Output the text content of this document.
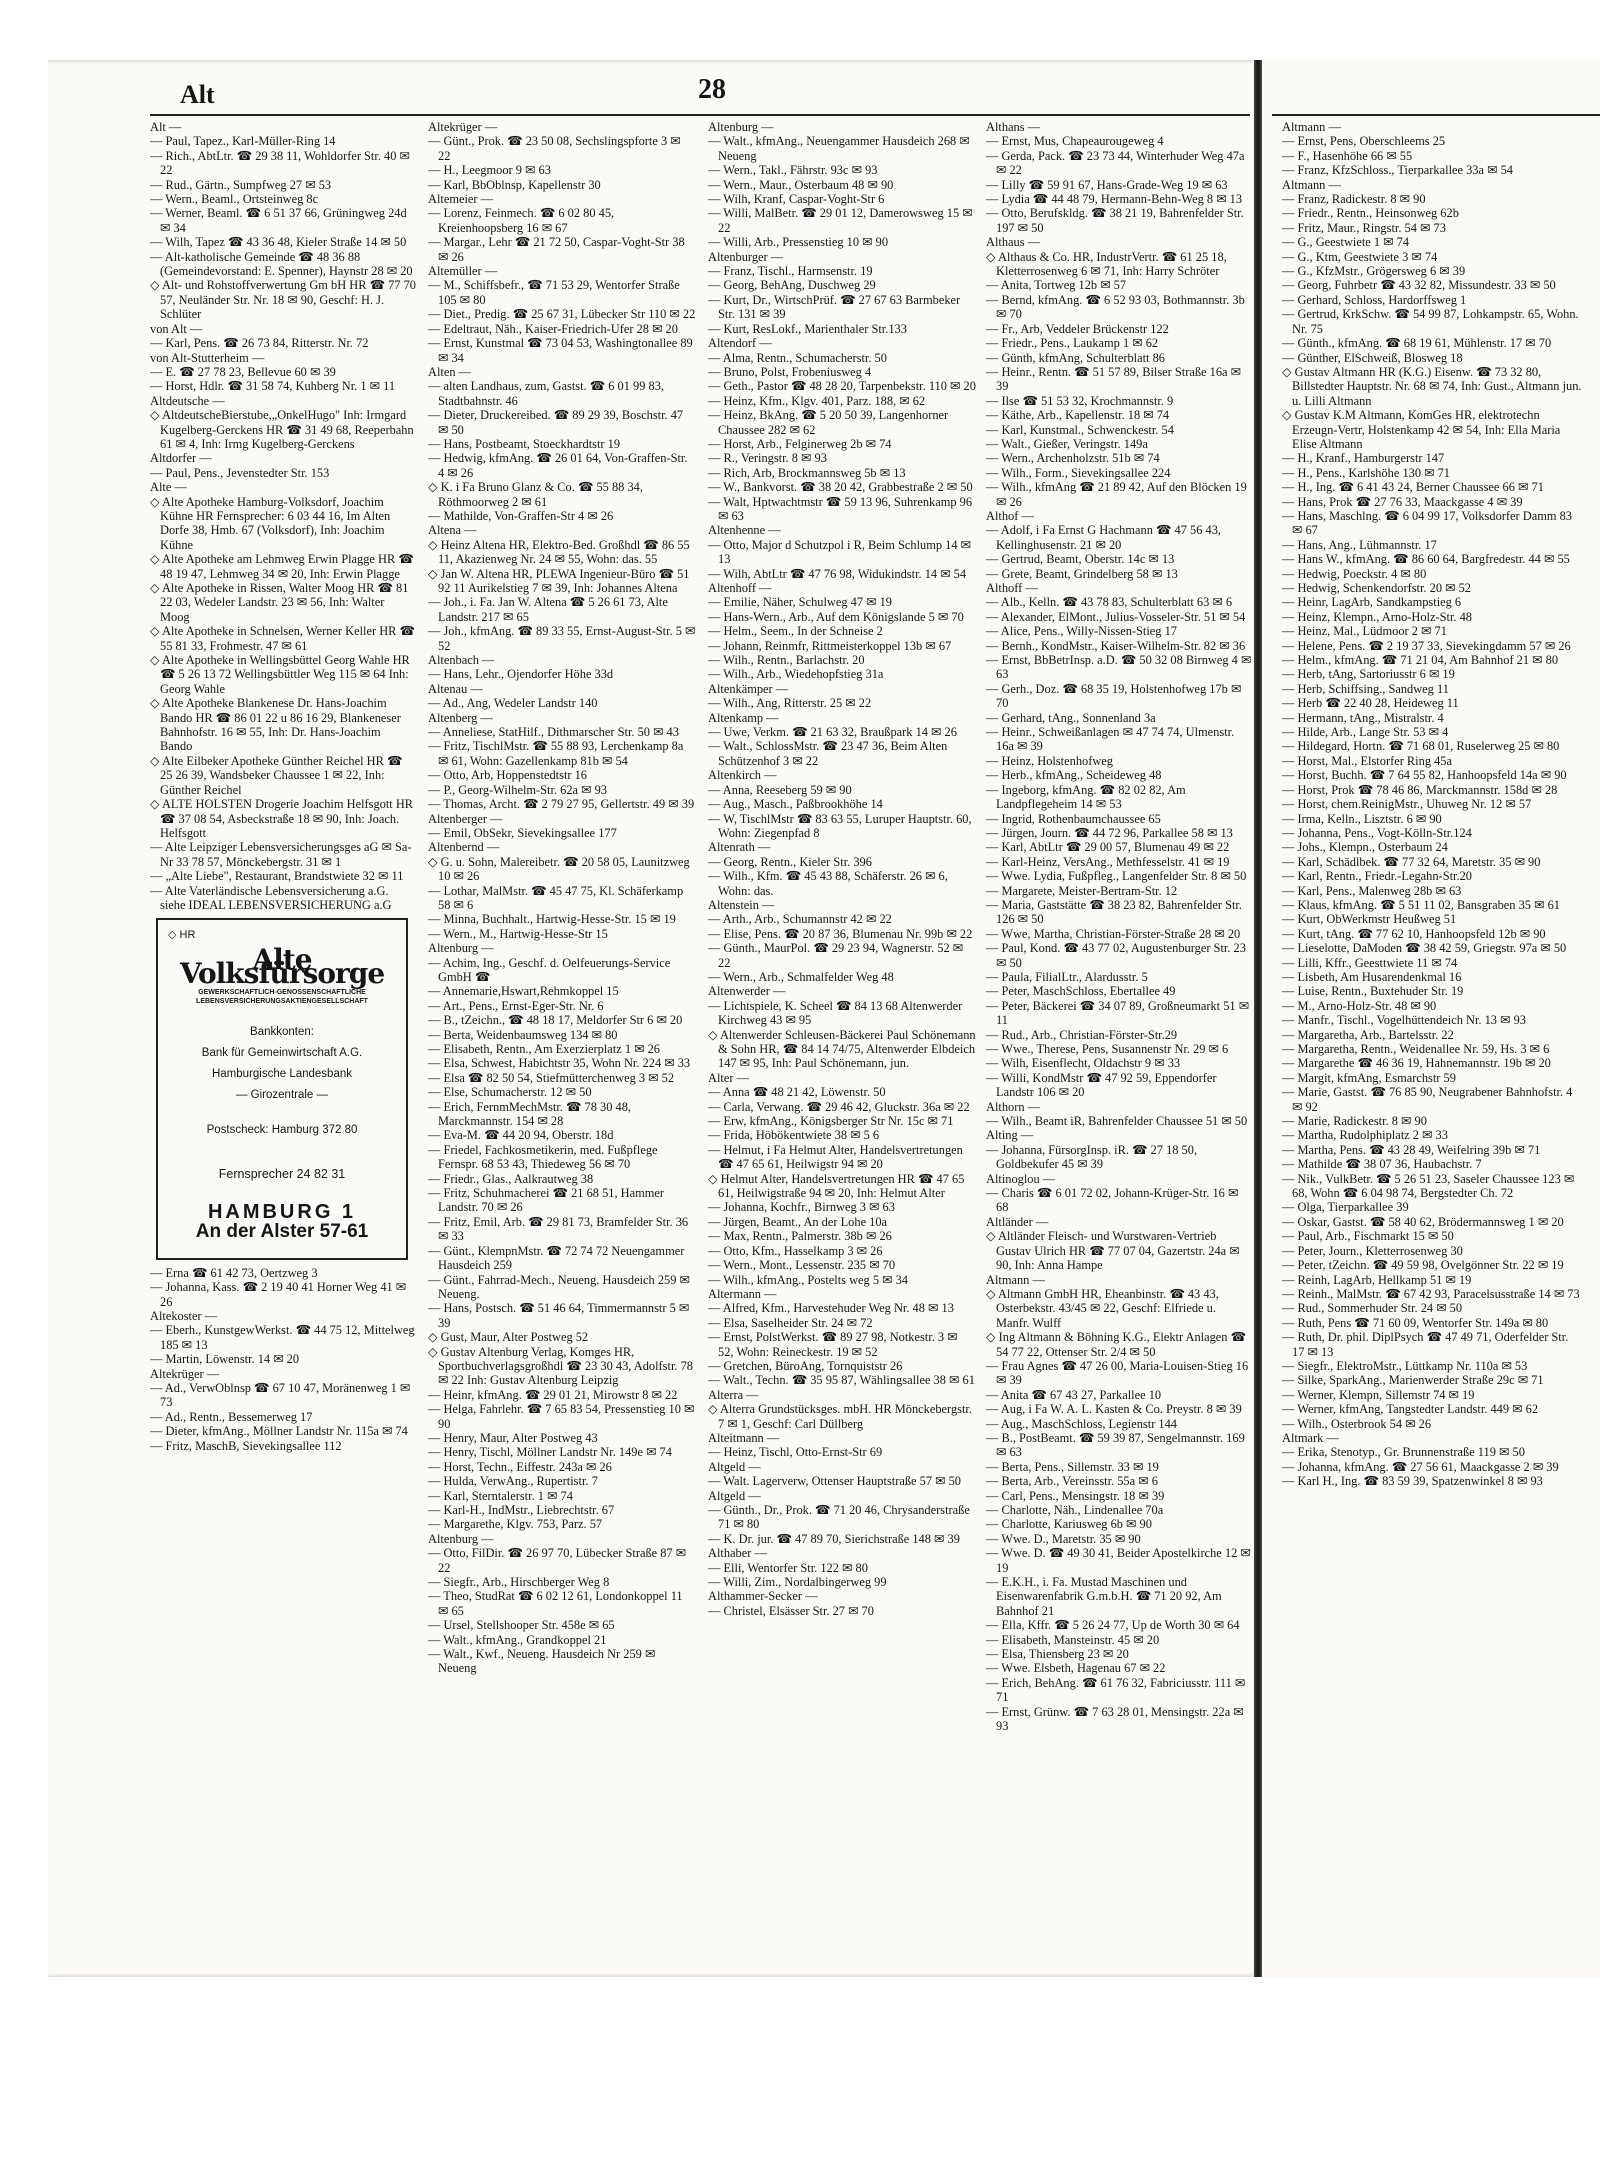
Alt	28

Alt —

— Paul, Tapez., Karl-Müller-Ring 14

— Rich., AbtLtr. ☎ 29 38 11, Wohldorfer Str. 40 ✉ 22

— Rud., Gärtn., Sumpfweg 27 ✉ 53

— Wern., Beaml., Ortsteinweg 8c

— Werner, Beaml. ☎ 6 51 37 66, Grüningweg 24d ✉ 34

— Wilh, Tapez ☎ 43 36 48, Kieler Straße 14 ✉ 50

— Alt-katholische Gemeinde ☎ 48 36 88 (Gemeindevorstand: E. Spenner), Haynstr 28 ✉ 20

◇ Alt- und Rohstoffverwertung Gm bH HR ☎ 77 70 57, Neuländer Str. Nr. 18 ✉ 90, Geschf: H. J. Schlüter

von Alt —

— Karl, Pens. ☎ 26 73 84, Ritterstr. Nr. 72

von Alt-Stutterheim —

— E. ☎ 27 78 23, Bellevue 60 ✉ 39

— Horst, Hdlr. ☎ 31 58 74, Kuhberg Nr. 1 ✉ 11

Altdeutsche —

◇ AltdeutscheBierstube,„OnkelHugo" Inh: Irmgard Kugelberg-Gerckens HR ☎ 31 49 68, Reeperbahn 61 ✉ 4, Inh: Irmg Kugelberg-Gerckens

Altdorfer —

— Paul, Pens., Jevenstedter Str. 153

Alte —

◇ Alte Apotheke Hamburg-Volksdorf, Joachim Kühne HR Fernsprecher: 6 03 44 16, Im Alten Dorfe 38, Hmb. 67 (Volksdorf), Inh: Joachim Kühne

◇ Alte Apotheke am Lehmweg Erwin Plagge HR ☎ 48 19 47, Lehmweg 34 ✉ 20, Inh: Erwin Plagge

◇ Alte Apotheke in Rissen, Walter Moog HR ☎ 81 22 03, Wedeler Landstr. 23 ✉ 56, Inh: Walter Moog

◇ Alte Apotheke in Schnelsen, Werner Keller HR ☎ 55 81 33, Frohmestr. 47 ✉ 61

◇ Alte Apotheke in Wellingsbüttel Georg Wahle HR ☎ 5 26 13 72 Wellingsbüttler Weg 115 ✉ 64 Inh: Georg Wahle

◇ Alte Apotheke Blankenese Dr. Hans-Joachim Bando HR ☎ 86 01 22 u 86 16 29, Blankeneser Bahnhofstr. 16 ✉ 55, Inh: Dr. Hans-Joachim Bando

◇ Alte Eilbeker Apotheke Günther Reichel HR ☎ 25 26 39, Wandsbeker Chaussee 1 ✉ 22, Inh: Günther Reichel

◇ ALTE HOLSTEN Drogerie Joachim Helfsgott HR ☎ 37 08 54, Asbeckstraße 18 ✉ 90, Inh: Joach. Helfsgott

— Alte Leipziger Lebensversicherungsges aG ✉ Sa-Nr 33 78 57, Mönckebergstr. 31 ✉ 1

— „Alte Liebe", Restaurant, Brandstwiete 32 ✉ 11

— Alte Vaterländische Lebensversicherung a.G. siehe IDEAL LEBENSVERSICHERUNG a.G

◇ HR
Alte Volksfürsorge
GEWERKSCHAFTLICH-GENOSSENSCHAFTLICHE LEBENSVERSICHERUNGSAKTIENGESELLSCHAFT
Bankkonten:
Bank für Gemeinwirtschaft A.G.
Hamburgische Landesbank
— Girozentrale —
Postscheck: Hamburg 372 80
Fernsprecher 24 82 31
HAMBURG 1
An der Alster 57-61

— Erna ☎ 61 42 73, Oertzweg 3

— Johanna, Kass. ☎ 2 19 40 41 Horner Weg 41 ✉ 26

Altekoster —

— Eberh., KunstgewWerkst. ☎ 44 75 12, Mittelweg 185 ✉ 13

— Martin, Löwenstr. 14 ✉ 20

Altekrüger —

— Ad., VerwOblnsp ☎ 67 10 47, Moränenweg 1 ✉ 73

— Ad., Rentn., Bessemerweg 17

— Dieter, kfmAng., Möllner Landstr Nr. 115a ✉ 74

— Fritz, MaschB, Sievekingsallee 112

Altekrüger —

— Günt., Prok. ☎ 23 50 08, Sechslingspforte 3 ✉ 22

— H., Leegmoor 9 ✉ 63

— Karl, BbOblnsp, Kapellenstr 30

Altemeier —

— Lorenz, Feinmech. ☎ 6 02 80 45, Kreienhoopsberg 16 ✉ 67

— Margar., Lehr ☎ 21 72 50, Caspar-Voght-Str 38 ✉ 26

Altemüller —

— M., Schiffsbefr., ☎ 71 53 29, Wentorfer Straße 105 ✉ 80

— Diet., Predig. ☎ 25 67 31, Lübecker Str 110 ✉ 22

— Edeltraut, Näh., Kaiser-Friedrich-Ufer 28 ✉ 20

— Ernst, Kunstmal ☎ 73 04 53, Washingtonallee 89 ✉ 34

Alten —

— alten Landhaus, zum, Gastst. ☎ 6 01 99 83, Stadtbahnstr. 46

— Dieter, Druckereibed. ☎ 89 29 39, Boschstr. 47 ✉ 50

— Hans, Postbeamt, Stoeckhardtstr 19

— Hedwig, kfmAng. ☎ 26 01 64, Von-Graffen-Str. 4 ✉ 26

◇ K. i Fa Bruno Glanz & Co. ☎ 55 88 34, Röthmoorweg 2 ✉ 61

— Mathilde, Von-Graffen-Str 4 ✉ 26

Altena —

◇ Heinz Altena HR, Elektro-Bed. Großhdl ☎ 86 55 11, Akazienweg Nr. 24 ✉ 55, Wohn: das. 55

◇ Jan W. Altena HR, PLEWA Ingenieur-Büro ☎ 51 92 11 Aurikelstieg 7 ✉ 39, Inh: Johannes Altena

— Joh., i. Fa. Jan W. Altena ☎ 5 26 61 73, Alte Landstr. 217 ✉ 65

— Joh., kfmAng. ☎ 89 33 55, Ernst-August-Str. 5 ✉ 52

Altenbach —

— Hans, Lehr., Ojendorfer Höhe 33d

Altenau —

— Ad., Ang, Wedeler Landstr 140

Altenberg —

— Anneliese, StatHilf., Dithmarscher Str. 50 ✉ 43

— Fritz, TischlMstr. ☎ 55 88 93, Lerchenkamp 8a ✉ 61, Wohn: Gazellenkamp 81b ✉ 54

— Otto, Arb, Hoppenstedtstr 16

— P., Georg-Wilhelm-Str. 62a ✉ 93

— Thomas, Archt. ☎ 2 79 27 95, Gellertstr. 49 ✉ 39

Altenberger —

— Emil, ObSekr, Sievekingsallee 177

Altenbernd —

◇ G. u. Sohn, Malereibetr. ☎ 20 58 05, Launitzweg 10 ✉ 26

— Lothar, MalMstr. ☎ 45 47 75, Kl. Schäferkamp 58 ✉ 6

— Minna, Buchhalt., Hartwig-Hesse-Str. 15 ✉ 19

— Wern., M., Hartwig-Hesse-Str 15

Altenburg —

— Achim, Ing., Geschf. d. Oelfeuerungs-Service GmbH ☎

— Annemarie,Hswart,Rehmkoppel 15

— Art., Pens., Ernst-Eger-Str. Nr. 6

— B., tZeichn., ☎ 48 18 17, Meldorfer Str 6 ✉ 20

— Berta, Weidenbaumsweg 134 ✉ 80

— Elisabeth, Rentn., Am Exerzierplatz 1 ✉ 26

— Elsa, Schwest, Habichtstr 35, Wohn Nr. 224 ✉ 33

— Elsa ☎ 82 50 54, Stiefmütterchenweg 3 ✉ 52

— Else, Schumacherstr. 12 ✉ 50

— Erich, FernmMechMstr. ☎ 78 30 48, Marckmannstr. 154 ✉ 28

— Eva-M. ☎ 44 20 94, Oberstr. 18d

— Friedel, Fachkosmetikerin, med. Fußpflege Fernspr. 68 53 43, Thiedeweg 56 ✉ 70

— Friedr., Glas., Aalkrautweg 38

— Fritz, Schuhmacherei ☎ 21 68 51, Hammer Landstr. 70 ✉ 26

— Fritz, Emil, Arb. ☎ 29 81 73, Bramfelder Str. 36 ✉ 33

— Günt., KlempnMstr. ☎ 72 74 72 Neuengammer Hausdeich 259

— Günt., Fahrrad-Mech., Neueng. Hausdeich 259 ✉ Neueng.

— Hans, Postsch. ☎ 51 46 64, Timmermannstr 5 ✉ 39

◇ Gust, Maur, Alter Postweg 52

◇ Gustav Altenburg Verlag, Komges HR, Sportbuchverlagsgroßhdl ☎ 23 30 43, Adolfstr. 78 ✉ 22 Inh: Gustav Altenburg Leipzig

— Heinr, kfmAng. ☎ 29 01 21, Mirowstr 8 ✉ 22

— Helga, Fahrlehr. ☎ 7 65 83 54, Pressenstieg 10 ✉ 90

— Henry, Maur, Alter Postweg 43

— Henry, Tischl, Möllner Landstr Nr. 149e ✉ 74

— Horst, Techn., Eiffestr. 243a ✉ 26

— Hulda, VerwAng., Rupertistr. 7

— Karl, Sterntalerstr. 1 ✉ 74

— Karl-H., IndMstr., Liebrechtstr. 67

— Margarethe, Klgv. 753, Parz. 57

Altenburg —

— Otto, FilDir. ☎ 26 97 70, Lübecker Straße 87 ✉ 22

— Siegfr., Arb., Hirschberger Weg 8

— Theo, StudRat ☎ 6 02 12 61, Londonkoppel 11 ✉ 65

— Ursel, Stellshooper Str. 458e ✉ 65

— Walt., kfmAng., Grandkoppel 21

— Walt., Kwf., Neueng. Hausdeich Nr 259 ✉ Neueng

Altenburg —

— Walt., kfmAng., Neuengammer Hausdeich 268 ✉ Neueng

— Wern., Takl., Fährstr. 93c ✉ 93

— Wern., Maur., Osterbaum 48 ✉ 90

— Wilh, Kranf, Caspar-Voght-Str 6

— Willi, MalBetr. ☎ 29 01 12, Damerowsweg 15 ✉ 22

— Willi, Arb., Pressenstieg 10 ✉ 90

Altenburger —

— Franz, Tischl., Harmsenstr. 19

— Georg, BehAng, Duschweg 29

— Kurt, Dr., WirtschPrüf. ☎ 27 67 63 Barmbeker Str. 131 ✉ 39

— Kurt, ResLokf., Marienthaler Str.133

Altendorf —

— Alma, Rentn., Schumacherstr. 50

— Bruno, Polst, Frobeniusweg 4

— Geth., Pastor ☎ 48 28 20, Tarpenbekstr. 110 ✉ 20

— Heinz, Kfm., Klgv. 401, Parz. 188, ✉ 62

— Heinz, BkAng. ☎ 5 20 50 39, Langenhorner Chaussee 282 ✉ 62

— Horst, Arb., Felginerweg 2b ✉ 74

— R., Veringstr. 8 ✉ 93

— Rich, Arb, Brockmannsweg 5b ✉ 13

— W., Bankvorst. ☎ 38 20 42, Grabbestraße 2 ✉ 50

— Walt, Hptwachtmstr ☎ 59 13 96, Suhrenkamp 96 ✉ 63

Altenhenne —

— Otto, Major d Schutzpol i R, Beim Schlump 14 ✉ 13

— Wilh, AbtLtr ☎ 47 76 98, Widukindstr. 14 ✉ 54

Altenhoff —

— Emilie, Näher, Schulweg 47 ✉ 19

— Hans-Wern., Arb., Auf dem Königslande 5 ✉ 70

— Helm., Seem., In der Schneise 2

— Johann, Reinmfr, Rittmeisterkoppel 13b ✉ 67

— Wilh., Rentn., Barlachstr. 20

— Wilh., Arb., Wiedehopfstieg 31a

Altenkämper —

— Wilh., Ang, Ritterstr. 25 ✉ 22

Altenkamp —

— Uwe, Verkm. ☎ 21 63 32, Braußpark 14 ✉ 26

— Walt., SchlossMstr. ☎ 23 47 36, Beim Alten Schützenhof 3 ✉ 22

Altenkirch —

— Anna, Reeseberg 59 ✉ 90

— Aug., Masch., Paßbrookhöhe 14

— W, TischlMstr ☎ 83 63 55, Luruper Hauptstr. 60, Wohn: Ziegenpfad 8

Altenrath —

— Georg, Rentn., Kieler Str. 396

— Wilh., Kfm. ☎ 45 43 88, Schäferstr. 26 ✉ 6, Wohn: das.

Altenstein —

— Arth., Arb., Schumannstr 42 ✉ 22

— Elise, Pens. ☎ 20 87 36, Blumenau Nr. 99b ✉ 22

— Günth., MaurPol. ☎ 29 23 94, Wagnerstr. 52 ✉ 22

— Wern., Arb., Schmalfelder Weg 48

Altenwerder —

— Lichtspiele, K. Scheel ☎ 84 13 68 Altenwerder Kirchweg 43 ✉ 95

◇ Altenwerder Schleusen-Bäckerei Paul Schönemann & Sohn HR, ☎ 84 14 74/75, Altenwerder Elbdeich 147 ✉ 95, Inh: Paul Schönemann, jun.

Alter —

— Anna ☎ 48 21 42, Löwenstr. 50

— Carla, Verwang. ☎ 29 46 42, Gluckstr. 36a ✉ 22

— Erw, kfmAng., Königsberger Str Nr. 15c ✉ 71

— Frida, Höbökentwiete 38 ✉ 5 6

— Helmut, i Fa Helmut Alter, Handelsvertretungen ☎ 47 65 61, Heilwigstr 94 ✉ 20

◇ Helmut Alter, Handelsvertretungen HR ☎ 47 65 61, Heilwigstraße 94 ✉ 20, Inh: Helmut Alter

— Johanna, Kochfr., Birnweg 3 ✉ 63

— Jürgen, Beamt., An der Lohe 10a

— Max, Rentn., Palmerstr. 38b ✉ 26

— Otto, Kfm., Hasselkamp 3 ✉ 26

— Wern., Mont., Lessenstr. 235 ✉ 70

— Wilh., kfmAng., Postelts weg 5 ✉ 34

Altermann —

— Alfred, Kfm., Harvestehuder Weg Nr. 48 ✉ 13

— Elsa, Saselheider Str. 24 ✉ 72

— Ernst, PolstWerkst. ☎ 89 27 98, Notkestr. 3 ✉ 52, Wohn: Reineckestr. 19 ✉ 52

— Gretchen, BüroAng, Tornquiststr 26

— Walt., Techn. ☎ 35 95 87, Wählingsallee 38 ✉ 61

Alterra —

◇ Alterra Grundstücksges. mbH. HR Mönckebergstr. 7 ✉ 1, Geschf: Carl Düllberg

Alteitmann —

— Heinz, Tischl, Otto-Ernst-Str 69

Altgeld —

— Walt. Lagerverw, Ottenser Hauptstraße 57 ✉ 50

Altgeld —

— Günth., Dr., Prok. ☎ 71 20 46, Chrysanderstraße 71 ✉ 80

— K. Dr. jur. ☎ 47 89 70, Sierichstraße 148 ✉ 39

Althaber —

— Elli, Wentorfer Str. 122 ✉ 80

— Willi, Zim., Nordalbingerweg 99

Althammer-Secker —

— Christel, Elsässer Str. 27 ✉ 70

Althans —

— Ernst, Mus, Chapeaurougeweg 4

— Gerda, Pack. ☎ 23 73 44, Winterhuder Weg 47a ✉ 22

— Lilly ☎ 59 91 67, Hans-Grade-Weg 19 ✉ 63

— Lydia ☎ 44 48 79, Hermann-Behn-Weg 8 ✉ 13

— Otto, Berufskldg. ☎ 38 21 19, Bahrenfelder Str. 197 ✉ 50

Althaus —

◇ Althaus & Co. HR, IndustrVertr. ☎ 61 25 18, Kletterrosenweg 6 ✉ 71, Inh: Harry Schröter

— Anita, Tortweg 12b ✉ 57

— Bernd, kfmAng. ☎ 6 52 93 03, Bothmannstr. 3b ✉ 70

— Fr., Arb, Veddeler Brückenstr 122

— Friedr., Pens., Laukamp 1 ✉ 62

— Günth, kfmAng, Schulterblatt 86

— Heinr., Rentn. ☎ 51 57 89, Bilser Straße 16a ✉ 39

— Ilse ☎ 51 53 32, Krochmannstr. 9

— Käthe, Arb., Kapellenstr. 18 ✉ 74

— Karl, Kunstmal., Schwenckestr. 54

— Walt., Gießer, Veringstr. 149a

— Wern., Archenholzstr. 51b ✉ 74

— Wilh., Form., Sievekingsallee 224

— Wilh., kfmAng ☎ 21 89 42, Auf den Blöcken 19 ✉ 26

Althof —

— Adolf, i Fa Ernst G Hachmann ☎ 47 56 43, Kellinghusenstr. 21 ✉ 20

— Gertrud, Beamt, Oberstr. 14c ✉ 13

— Grete, Beamt, Grindelberg 58 ✉ 13

Althoff —

— Alb., Kelln. ☎ 43 78 83, Schulterblatt 63 ✉ 6

— Alexander, ElMont., Julius-Vosseler-Str. 51 ✉ 54

— Alice, Pens., Willy-Nissen-Stieg 17

— Bernh., KondMstr., Kaiser-Wilhelm-Str. 82 ✉ 36

— Ernst, BbBetrInsp. a.D. ☎ 50 32 08 Birnweg 4 ✉ 63

— Gerh., Doz. ☎ 68 35 19, Holstenhofweg 17b ✉ 70

— Gerhard, tAng., Sonnenland 3a

— Heinr., Schweißanlagen ✉ 47 74 74, Ulmenstr. 16a ✉ 39

— Heinz, Holstenhofweg

— Herb., kfmAng., Scheideweg 48

— Ingeborg, kfmAng. ☎ 82 02 82, Am Landpflegeheim 14 ✉ 53

— Ingrid, Rothenbaumchaussee 65

— Jürgen, Journ. ☎ 44 72 96, Parkallee 58 ✉ 13

— Karl, AbtLtr ☎ 29 00 57, Blumenau 49 ✉ 22

— Karl-Heinz, VersAng., Methfesselstr. 41 ✉ 19

— Wwe. Lydia, Fußpfleg., Langenfelder Str. 8 ✉ 50

— Margarete, Meister-Bertram-Str. 12

— Maria, Gaststätte ☎ 38 23 82, Bahrenfelder Str. 126 ✉ 50

— Wwe, Martha, Christian-Förster-Straße 28 ✉ 20

— Paul, Kond. ☎ 43 77 02, Augustenburger Str. 23 ✉ 50

— Paula, FilialLtr., Alardusstr. 5

— Peter, MaschSchloss, Ebertallee 49

— Peter, Bäckerei ☎ 34 07 89, Großneumarkt 51 ✉ 11

— Rud., Arb., Christian-Förster-Str.29

— Wwe., Therese, Pens, Susannenstr Nr. 29 ✉ 6

— Wilh, Eisenflecht, Oldachstr 9 ✉ 33

— Willi, KondMstr ☎ 47 92 59, Eppendorfer Landstr 106 ✉ 20

Althorn —

— Wilh., Beamt iR, Bahrenfelder Chaussee 51 ✉ 50

Alting —

— Johanna, FürsorgInsp. iR. ☎ 27 18 50, Goldbekufer 45 ✉ 39

Altinoglou —

— Charis ☎ 6 01 72 02, Johann-Krüger-Str. 16 ✉ 68

Altländer —

◇ Altländer Fleisch- und Wurstwaren-Vertrieb Gustav Ulrich HR ☎ 77 07 04, Gazertstr. 24a ✉ 90, Inh: Anna Hampe

Altmann —

◇ Altmann GmbH HR, Eheanbinstr. ☎ 43 43, Osterbekstr. 43/45 ✉ 22, Geschf: Elfriede u. Manfr. Wulff

◇ Ing Altmann & Böhning K.G., Elektr Anlagen ☎ 54 77 22, Ottenser Str. 2/4 ✉ 50

— Frau Agnes ☎ 47 26 00, Maria-Louisen-Stieg 16 ✉ 39

— Anita ☎ 67 43 27, Parkallee 10

— Aug, i Fa W. A. L. Kasten & Co. Preystr. 8 ✉ 39

— Aug., MaschSchloss, Legienstr 144

— B., PostBeamt. ☎ 59 39 87, Sengelmannstr. 169 ✉ 63

— Berta, Pens., Sillemstr. 33 ✉ 19

— Berta, Arb., Vereinsstr. 55a ✉ 6

— Carl, Pens., Mensingstr. 18 ✉ 39

— Charlotte, Näh., Lindenallee 70a

— Charlotte, Kariusweg 6b ✉ 90

— Wwe. D., Maretstr. 35 ✉ 90

— Wwe. D. ☎ 49 30 41, Beider Apostelkirche 12 ✉ 19

— E.K.H., i. Fa. Mustad Maschinen und Eisenwarenfabrik G.m.b.H. ☎ 71 20 92, Am Bahnhof 21

— Ella, Kffr. ☎ 5 26 24 77, Up de Worth 30 ✉ 64

— Elisabeth, Mansteinstr. 45 ✉ 20

— Elsa, Thiensberg 23 ✉ 20

— Wwe. Elsbeth, Hagenau 67 ✉ 22

— Erich, BehAng. ☎ 61 76 32, Fabriciusstr. 111 ✉ 71

— Ernst, Grünw. ☎ 7 63 28 01, Mensingstr. 22a ✉ 93

Altmann —

— Ernst, Pens, Oberschleems 25

— F., Hasenhöhe 66 ✉ 55

— Franz, KfzSchloss., Tierparkallee 33a ✉ 54

Altmann —

— Franz, Radickestr. 8 ✉ 90

— Friedr., Rentn., Heinsonweg 62b

— Fritz, Maur., Ringstr. 54 ✉ 73

— G., Geestwiete 1 ✉ 74

— G., Ktm, Geestwiete 3 ✉ 74

— G., KfzMstr., Grögersweg 6 ✉ 39

— Georg, Fuhrbetr ☎ 43 32 82, Missundestr. 33 ✉ 50

— Gerhard, Schloss, Hardorffsweg 1

— Gertrud, KrkSchw. ☎ 54 99 87, Lohkampstr. 65, Wohn. Nr. 75

— Günth., kfmAng. ☎ 68 19 61, Mühlenstr. 17 ✉ 70

— Günther, ElSchweiß, Blosweg 18

◇ Gustav Altmann HR (K.G.) Eisenw. ☎ 73 32 80, Billstedter Hauptstr. Nr. 68 ✉ 74, Inh: Gust., Altmann jun. u. Lilli Altmann

◇ Gustav K.M Altmann, KomGes HR, elektrotechn Erzeugn-Vertr, Holstenkamp 42 ✉ 54, Inh: Ella Maria Elise Altmann

— H., Kranf., Hamburgerstr 147

— H., Pens., Karlshöhe 130 ✉ 71

— H., Ing. ☎ 6 41 43 24, Berner Chaussee 66 ✉ 71

— Hans, Prok ☎ 27 76 33, Maackgasse 4 ✉ 39

— Hans, Maschlng. ☎ 6 04 99 17, Volksdorfer Damm 83 ✉ 67

— Hans, Ang., Lühmannstr. 17

— Hans W., kfmAng. ☎ 86 60 64, Bargfredestr. 44 ✉ 55

— Hedwig, Poeckstr. 4 ✉ 80

— Hedwig, Schenkendorfstr. 20 ✉ 52

— Heinr, LagArb, Sandkampstieg 6

— Heinz, Klempn., Arno-Holz-Str. 48

— Heinz, Mal., Lüdmoor 2 ✉ 71

— Helene, Pens. ☎ 2 19 37 33, Sievekingdamm 57 ✉ 26

— Helm., kfmAng. ☎ 71 21 04, Am Bahnhof 21 ✉ 80

— Herb, tAng, Sartoriusstr 6 ✉ 19

— Herb, Schiffsing., Sandweg 11

— Herb ☎ 22 40 28, Heideweg 11

— Hermann, tAng., Mistralstr. 4

— Hilde, Arb., Lange Str. 53 ✉ 4

— Hildegard, Hortn. ☎ 71 68 01, Ruselerweg 25 ✉ 80

— Horst, Mal., Elstorfer Ring 45a

— Horst, Buchh. ☎ 7 64 55 82, Hanhoopsfeld 14a ✉ 90

— Horst, Prok ☎ 78 46 86, Marckmannstr. 158d ✉ 28

— Horst, chem.ReinigMstr., Uhuweg Nr. 12 ✉ 57

— Irma, Kelln., Lisztstr. 6 ✉ 90

— Johanna, Pens., Vogt-Kölln-Str.124

— Johs., Klempn., Osterbaum 24

— Karl, Schädlbek. ☎ 77 32 64, Maretstr. 35 ✉ 90

— Karl, Rentn., Friedr.-Legahn-Str.20

— Karl, Pens., Malenweg 28b ✉ 63

— Klaus, kfmAng. ☎ 5 51 11 02, Bansgraben 35 ✉ 61

— Kurt, ObWerkmstr Heußweg 51

— Kurt, tAng. ☎ 77 62 10, Hanhoopsfeld 12b ✉ 90

— Lieselotte, DaModen ☎ 38 42 59, Griegstr. 97a ✉ 50

— Lilli, Kffr., Geesttwiete 11 ✉ 74

— Lisbeth, Am Husarendenkmal 16

— Luise, Rentn., Buxtehuder Str. 19

— M., Arno-Holz-Str. 48 ✉ 90

— Manfr., Tischl., Vogelhüttendeich Nr. 13 ✉ 93

— Margaretha, Arb., Bartelsstr. 22

— Margaretha, Rentn., Weidenallee Nr. 59, Hs. 3 ✉ 6

— Margarethe ☎ 46 36 19, Hahnemannstr. 19b ✉ 20

— Margit, kfmAng, Esmarchstr 59

— Marie, Gastst. ☎ 76 85 90, Neugrabener Bahnhofstr. 4 ✉ 92

— Marie, Radickestr. 8 ✉ 90

— Martha, Rudolphiplatz 2 ✉ 33

— Martha, Pens. ☎ 43 28 49, Weifelring 39b ✉ 71

— Mathilde ☎ 38 07 36, Haubachstr. 7

— Nik., VulkBetr. ☎ 5 26 51 23, Saseler Chaussee 123 ✉ 68, Wohn ☎ 6 04 98 74, Bergstedter Ch. 72

— Olga, Tierparkallee 39

— Oskar, Gastst. ☎ 58 40 62, Brödermannsweg 1 ✉ 20

— Paul, Arb., Fischmarkt 15 ✉ 50

— Peter, Journ., Kletterrosenweg 30

— Peter, tZeichn. ☎ 49 59 98, Ovelgönner Str. 22 ✉ 19

— Reinh, LagArb, Hellkamp 51 ✉ 19

— Reinh., MalMstr. ☎ 67 42 93, Paracelsusstraße 14 ✉ 73

— Rud., Sommerhuder Str. 24 ✉ 50

— Ruth, Pens ☎ 71 60 09, Wentorfer Str. 149a ✉ 80

— Ruth, Dr. phil. DiplPsych ☎ 47 49 71, Oderfelder Str. 17 ✉ 13

— Siegfr., ElektroMstr., Lüttkamp Nr. 110a ✉ 53

— Silke, SparkAng., Marienwerder Straße 29c ✉ 71

— Werner, Klempn, Sillemstr 74 ✉ 19

— Werner, kfmAng, Tangstedter Landstr. 449 ✉ 62

— Wilh., Osterbrook 54 ✉ 26

Altmark —

— Erika, Stenotyp., Gr. Brunnenstraße 119 ✉ 50

— Johanna, kfmAng. ☎ 27 56 61, Maackgasse 2 ✉ 39

— Karl H., Ing. ☎ 83 59 39, Spatzenwinkel 8 ✉ 93
